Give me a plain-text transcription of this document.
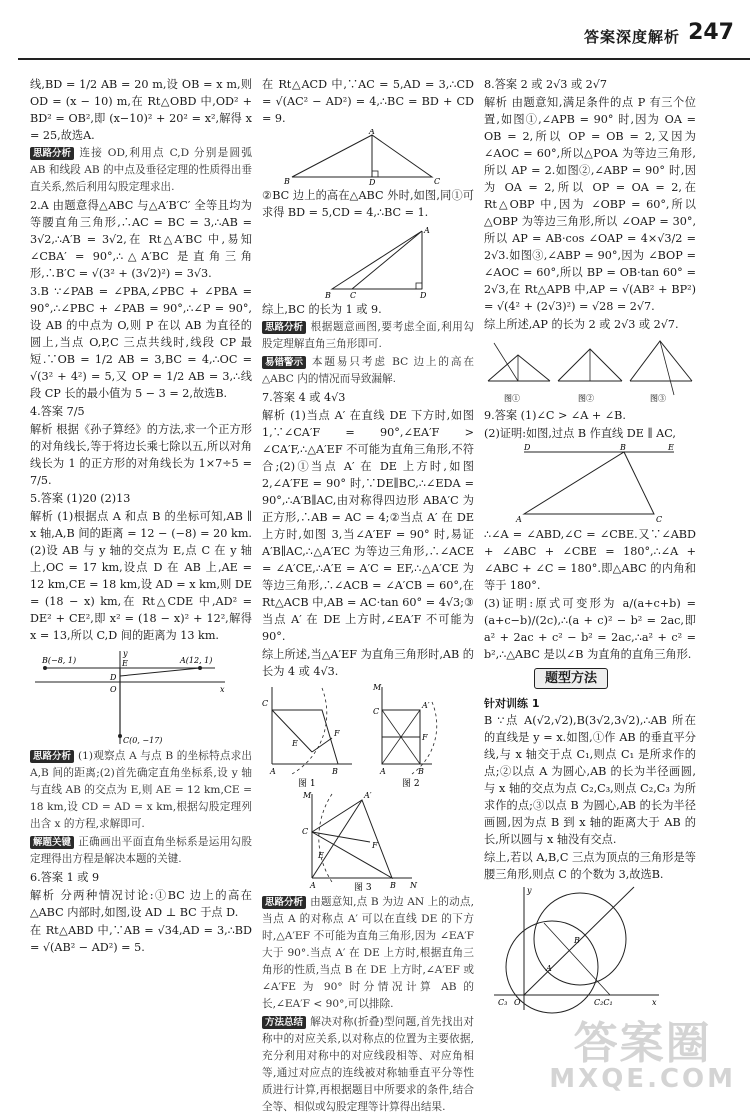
答案深度解析 247

线,BD = 1/2 AB = 20 m,设 OB = x m,则 OD = (x − 10) m,在 Rt△OBD 中,OD² + BD² = OB²,即 (x−10)² + 20² = x²,解得 x = 25,故选A.

思路分析 连接 OD,利用点 C,D 分别是圆弧 AB 和线段 AB 的中点及垂径定理的性质得出垂直关系,然后利用勾股定理求出.

2.A 由题意得△ABC 与△A′B′C′ 全等且均为等腰直角三角形,∴AC = BC = 3,∴AB = 3√2,∴A′B = 3√2,在 Rt△A′BC 中,易知 ∠CBA′ = 90°,∴△A′BC 是直角三角形,∴B′C = √(3² + (3√2)²) = 3√3.

3.B ∵∠PAB = ∠PBA,∠PBC + ∠PBA = 90°,∴∠PBC + ∠PAB = 90°,∴∠P = 90°,设 AB 的中点为 O,则 P 在以 AB 为直径的圆上,当点 O,P,C 三点共线时,线段 CP 最短.∵OB = 1/2 AB = 3,BC = 4,∴OC = √(3² + 4²) = 5,又 OP = 1/2 AB = 3,∴线段 CP 长的最小值为 5 − 3 = 2,故选B.

4.答案 7/5

解析 根据《孙子算经》的方法,求一个正方形的对角线长,等于将边长乘七除以五,所以对角线长为 1 的正方形的对角线长为 1×7÷5 = 7/5.

5.答案 (1)20 (2)13

解析 (1)根据点 A 和点 B 的坐标可知,AB ∥ x 轴,A,B 间的距离 = 12 − (−8) = 20 km.(2)设 AB 与 y 轴的交点为 E,点 C 在 y 轴上,OC = 17 km,设点 D 在 AB 上,AE = 12 km,CE = 18 km,设 AD = x km,则 DE = (18 − x) km,在 Rt△CDE 中,AD² = DE² + CE²,即 x² = (18 − x)² + 12²,解得 x = 13,所以 C,D 间的距离为 13 km.

B(−8, 1)	A(12, 1)
C(0, −17)
E
D
O	x
y

思路分析 (1)观察点 A 与点 B 的坐标特点求出 A,B 间的距离;(2)首先确定直角坐标系,设 y 轴与直线 AB 的交点为 E,则 AE = 12 km,CE = 18 km,设 CD = AD = x km,根据勾股定理列出含 x 的方程,求解即可.

解题关键 正确画出平面直角坐标系是运用勾股定理得出方程是解决本题的关键.

6.答案 1 或 9

解析 分两种情况讨论:①BC 边上的高在△ABC 内部时,如图,设 AD ⊥ BC 于点 D.

在 Rt△ABD 中,∵AB = √34,AD = 3,∴BD = √(AB² − AD²) = 5.

在 Rt△ACD 中,∵AC = 5,AD = 3,∴CD = √(AC² − AD²) = 4,∴BC = BD + CD = 9.

A
B	D	C

②BC 边上的高在△ABC 外时,如图,同①可求得 BD = 5,CD = 4,∴BC = 1.

A
B C	D

综上,BC 的长为 1 或 9.

思路分析 根据题意画图,要考虑全面,利用勾股定理解直角三角形即可.

易错警示 本题易只考虑 BC 边上的高在△ABC 内的情况而导致漏解.

7.答案 4 或 4√3

解析 (1)当点 A′ 在直线 DE 下方时,如图 1,∵∠CA′F = 90°,∠EA′F > ∠CA′F,∴△A′EF 不可能为直角三角形,不符合;(2)①当点 A′ 在 DE 上方时,如图 2,∠A′FE = 90° 时,∵DE∥BC,∴∠EDA = 90°,∴A′B∥AC,由对称得四边形 ABA′C 为正方形,∴AB = AC = 4;②当点 A′ 在 DE 上方时,如图 3,当∠A′EF = 90° 时,易证 A′B∥AC,∴△A′EC 为等边三角形,∴∠ACE = ∠A′CE,∴A′E = A′C = EF,∴△A′CE 为等边三角形,∴∠ACB = ∠A′CB = 60°,在 Rt△ACB 中,AB = AC·tan 60° = 4√3;③当点 A′ 在 DE 上方时,∠EA′F 不可能为 90°.

综上所述,当△A′EF 为直角三角形时,AB 的长为 4 或 4√3.

C
E
F
A	B
图 1
M
C
A′
F
A	B
图 2
M
C
A′
E
F
A	B N
图 3

思路分析 由题意知,点 B 为边 AN 上的动点,当点 A 的对称点 A′ 可以在直线 DE 的下方时,△A′EF 不可能为直角三角形,因为 ∠EA′F 大于 90°.当点 A′ 在 DE 上方时,根据直角三角形的性质,当点 B 在 DE 上方时,∠A′EF 或 ∠A′FE 为 90° 时分情况计算 AB 的长,∠EA′F < 90°,可以排除.

方法总结 解决对称(折叠)型问题,首先找出对称中的对应关系,以对称点的位置为主要依据,充分利用对称中的对应线段相等、对应角相等,通过对应点的连线被对称轴垂直平分等性质进行计算,再根据题目中所要求的条件,结合全等、相似或勾股定理等计算得出结果.

8.答案 2 或 2√3 或 2√7

解析 由题意知,满足条件的点 P 有三个位置,如图①,∠APB = 90° 时,因为 OA = OB = 2,所以 OP = OB = 2,又因为 ∠AOC = 60°,所以△POA 为等边三角形,所以 AP = 2.如图②,∠ABP = 90° 时,因为 OA = 2,所以 OP = OA = 2,在 Rt△OBP 中,因为 ∠OBP = 60°,所以 △OBP 为等边三角形,所以 ∠OAP = 30°,所以 AP = AB·cos ∠OAP = 4×√3/2 = 2√3.如图③,∠ABP = 90°,因为 ∠BOP = ∠AOC = 60°,所以 BP = OB·tan 60° = 2√3,在 Rt△APB 中,AP = √(AB² + BP²) = √(4² + (2√3)²) = √28 = 2√7.

综上所述,AP 的长为 2 或 2√3 或 2√7.

图①	图②	图③

9.答案 (1)∠C > ∠A + ∠B.

(2)证明:如图,过点 B 作直线 DE ∥ AC,

D	B	E
A	C

∴∠A = ∠ABD,∠C = ∠CBE.又∵∠ABD + ∠ABC + ∠CBE = 180°,∴∠A + ∠ABC + ∠C = 180°.即△ABC 的内角和等于 180°.

(3)证明:原式可变形为 a/(a+c+b) = (a+c−b)/(2c),∴(a + c)² − b² = 2ac,即 a² + 2ac + c² − b² = 2ac,∴a² + c² = b²,∴△ABC 是以∠B 为直角的直角三角形.

题型方法
针对训练 1

B ∵点 A(√2,√2),B(3√2,3√2),∴AB 所在的直线是 y = x.如图,①作 AB 的垂直平分线,与 x 轴交于点 C₁,则点 C₁ 是所求作的点;②以点 A 为圆心,AB 的长为半径画圆,与 x 轴的交点为点 C₂,C₃,则点 C₂,C₃ 为所求作的点;③以点 B 为圆心,AB 的长为半径画圆,因为点 B 到 x 轴的距离大于 AB 的长,所以圆与 x 轴没有交点.

综上,若以 A,B,C 三点为顶点的三角形是等腰三角形,则点 C 的个数为 3,故选B.

O	x
y
A
B
C₃	C₂C₁
答案圈
MXQE.COM
